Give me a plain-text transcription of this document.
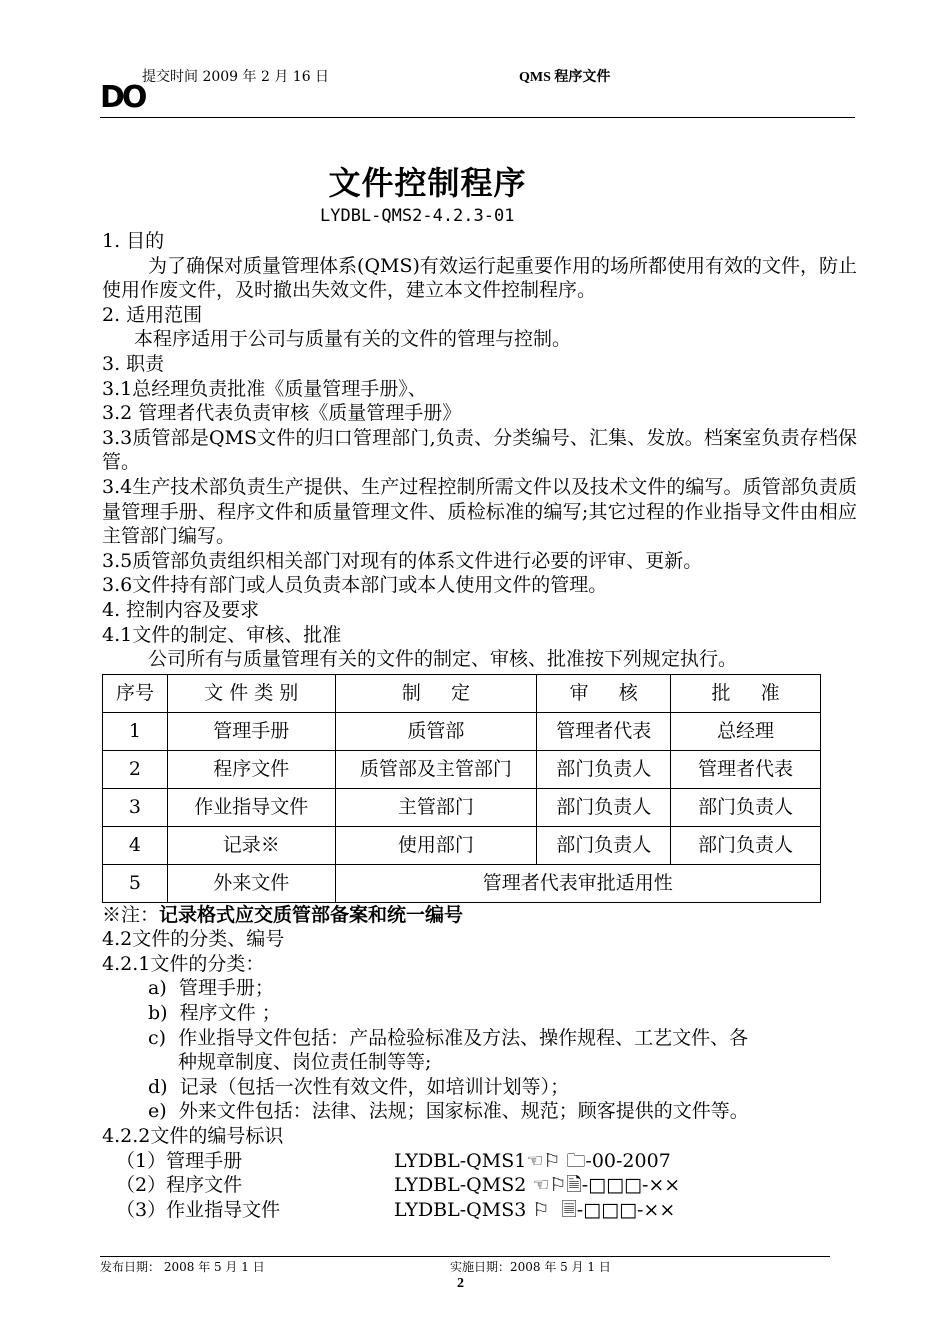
提交时间 2009 年 2 月 16 日	QMS 程序文件
DO
文件控制程序
LYDBL-QMS2-4.2.3-01

1. 目的

为了确保对质量管理体系(QMS)有效运行起重要作用的场所都使用有效的文件，防止使用作废文件，及时撤出失效文件，建立本文件控制程序。

2. 适用范围

本程序适用于公司与质量有关的文件的管理与控制。

3. 职责

3.1总经理负责批准《质量管理手册》、

3.2 管理者代表负责审核《质量管理手册》

3.3质管部是QMS文件的归口管理部门,负责、分类编号、汇集、发放。档案室负责存档保管。

3.4生产技术部负责生产提供、生产过程控制所需文件以及技术文件的编写。质管部负责质量管理手册、程序文件和质量管理文件、质检标准的编写;其它过程的作业指导文件由相应主管部门编写。

3.5质管部负责组织相关部门对现有的体系文件进行必要的评审、更新。

3.6文件持有部门或人员负责本部门或本人使用文件的管理。

4. 控制内容及要求

4.1文件的制定、审核、批准

公司所有与质量管理有关的文件的制定、审核、批准按下列规定执行。

序号	文 件 类 别	制     定	审     核	批     准
1	管理手册	质管部	管理者代表	总经理
2	程序文件	质管部及主管部门	部门负责人	管理者代表
3	作业指导文件	主管部门	部门负责人	部门负责人
4	记录※	使用部门	部门负责人	部门负责人
5	外来文件	管理者代表审批适用性		

※注：记录格式应交质管部备案和统一编号

4.2文件的分类、编号

4.2.1文件的分类：

a)  管理手册；

b)  程序文件 ；

c)  作业指导文件包括：产品检验标准及方法、操作规程、工艺文件、各

种规章制度、岗位责任制等等;

d)  记录（包括一次性有效文件，如培训计划等）；

e)  外来文件包括：法律、法规；国家标准、规范；顾客提供的文件等。

4.2.2文件的编号标识

（1）管理手册	LYDBL-QMS1☜⚐ 🗀-00-2007
（2）程序文件	LYDBL-QMS2 ☜⚐🗎-□□□-××
（3）作业指导文件	LYDBL-QMS3 ⚐  🗏-□□□-××
发布日期： 2008 年 5 月 1 日	实施日期：2008 年 5 月 1 日
2
